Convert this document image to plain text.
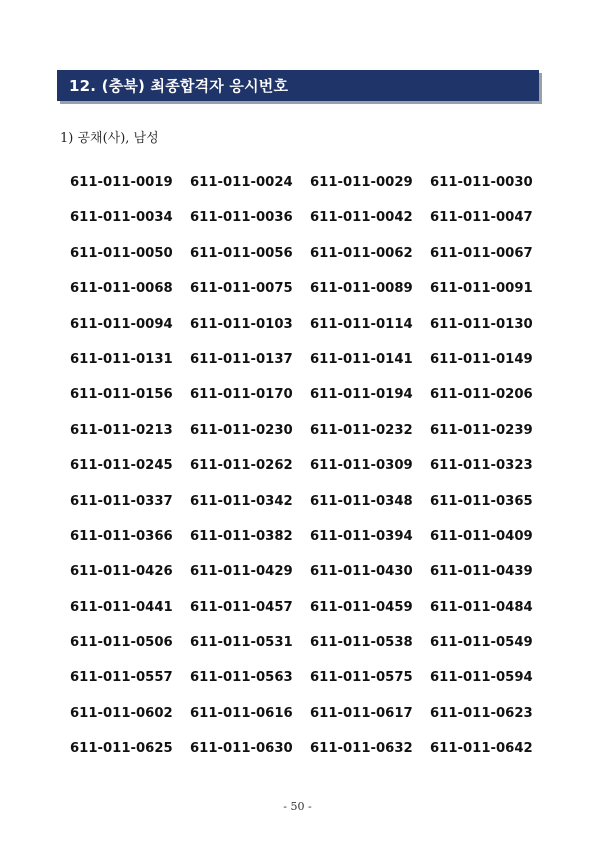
12. (충북) 최종합격자 응시번호
1) 공채(사), 남성
611-011-0019	611-011-0024	611-011-0029	611-011-0030
611-011-0034	611-011-0036	611-011-0042	611-011-0047
611-011-0050	611-011-0056	611-011-0062	611-011-0067
611-011-0068	611-011-0075	611-011-0089	611-011-0091
611-011-0094	611-011-0103	611-011-0114	611-011-0130
611-011-0131	611-011-0137	611-011-0141	611-011-0149
611-011-0156	611-011-0170	611-011-0194	611-011-0206
611-011-0213	611-011-0230	611-011-0232	611-011-0239
611-011-0245	611-011-0262	611-011-0309	611-011-0323
611-011-0337	611-011-0342	611-011-0348	611-011-0365
611-011-0366	611-011-0382	611-011-0394	611-011-0409
611-011-0426	611-011-0429	611-011-0430	611-011-0439
611-011-0441	611-011-0457	611-011-0459	611-011-0484
611-011-0506	611-011-0531	611-011-0538	611-011-0549
611-011-0557	611-011-0563	611-011-0575	611-011-0594
611-011-0602	611-011-0616	611-011-0617	611-011-0623
611-011-0625	611-011-0630	611-011-0632	611-011-0642
- 50 -
